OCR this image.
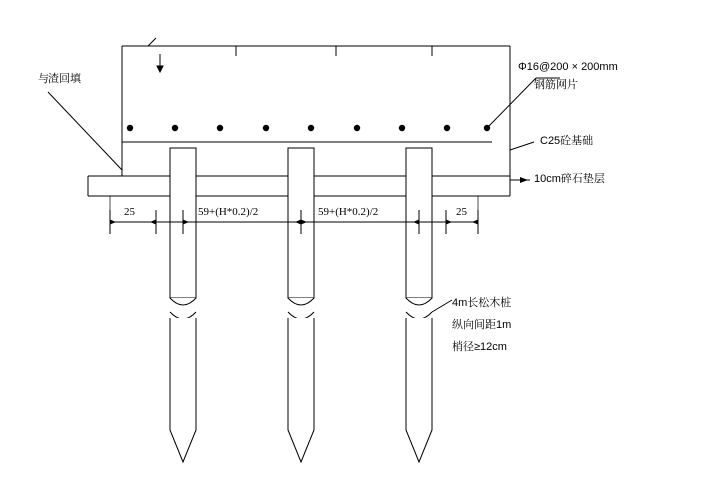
与 渣回填
Φ16@200 × 200mm
钢筋网片
C25砼基础
10cm碎石垫层
4m长松木桩
纵向间距1m
梢径≥12cm
25	59+(H*0.2)/2	59+(H*0.2)/2	25
